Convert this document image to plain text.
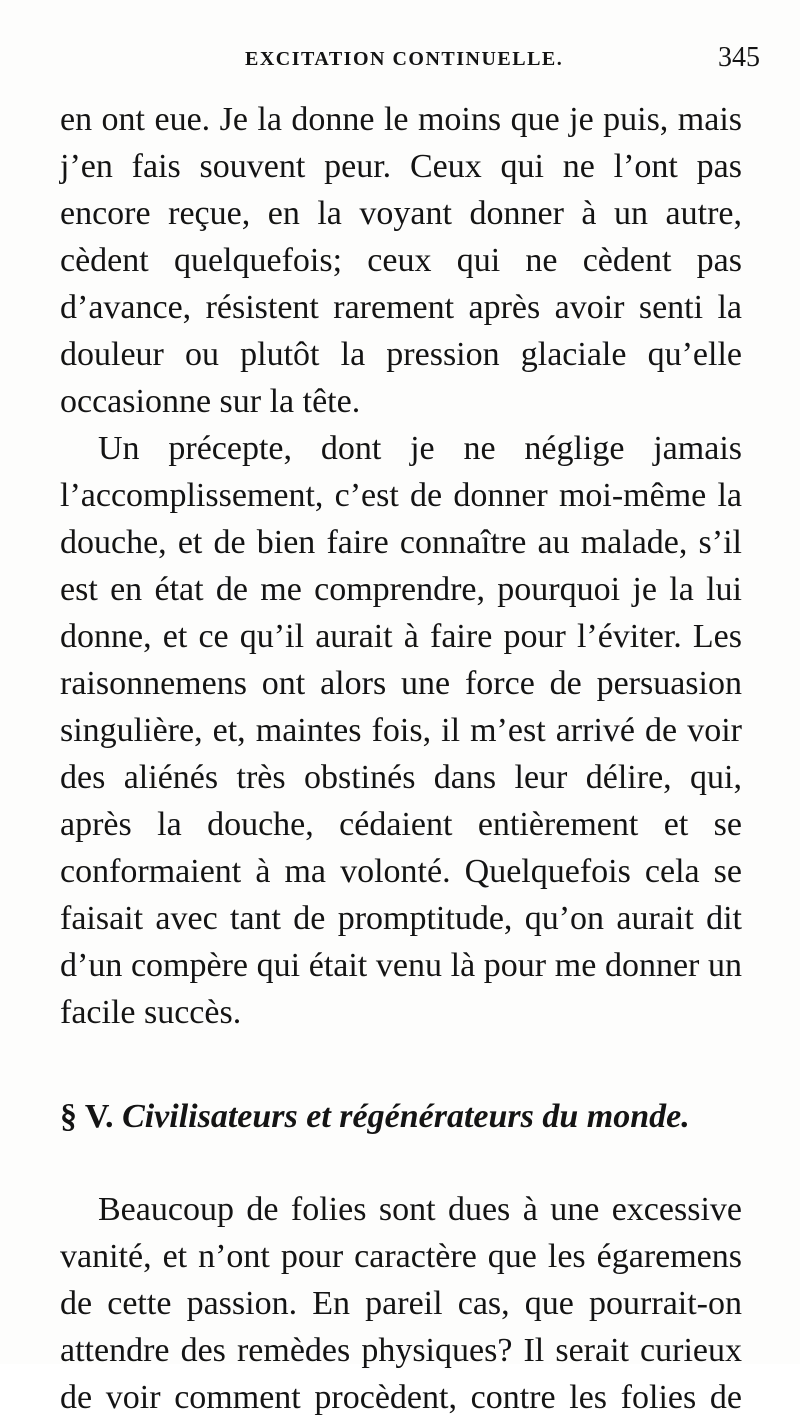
EXCITATION CONTINUELLE.	345

en ont eue. Je la donne le moins que je puis, mais j’en fais souvent peur. Ceux qui ne l’ont pas encore reçue, en la voyant donner à un autre, cèdent quelquefois; ceux qui ne cèdent pas d’avance, résistent rarement après avoir senti la douleur ou plutôt la pression glaciale qu’elle occasionne sur la tête.

Un précepte, dont je ne néglige jamais l’accomplissement, c’est de donner moi-même la douche, et de bien faire connaître au malade, s’il est en état de me comprendre, pourquoi je la lui donne, et ce qu’il aurait à faire pour l’éviter. Les raisonnemens ont alors une force de persuasion singulière, et, maintes fois, il m’est arrivé de voir des aliénés très obstinés dans leur délire, qui, après la douche, cédaient entièrement et se conformaient à ma volonté. Quelquefois cela se faisait avec tant de promptitude, qu’on aurait dit d’un compère qui était venu là pour me donner un facile succès.

§ V. Civilisateurs et régénérateurs du monde.

Beaucoup de folies sont dues à une excessive vanité, et n’ont pour caractère que les égaremens de cette passion. En pareil cas, que pourrait-on attendre des remèdes physiques? Il serait curieux de voir comment procèdent, contre les folies de
